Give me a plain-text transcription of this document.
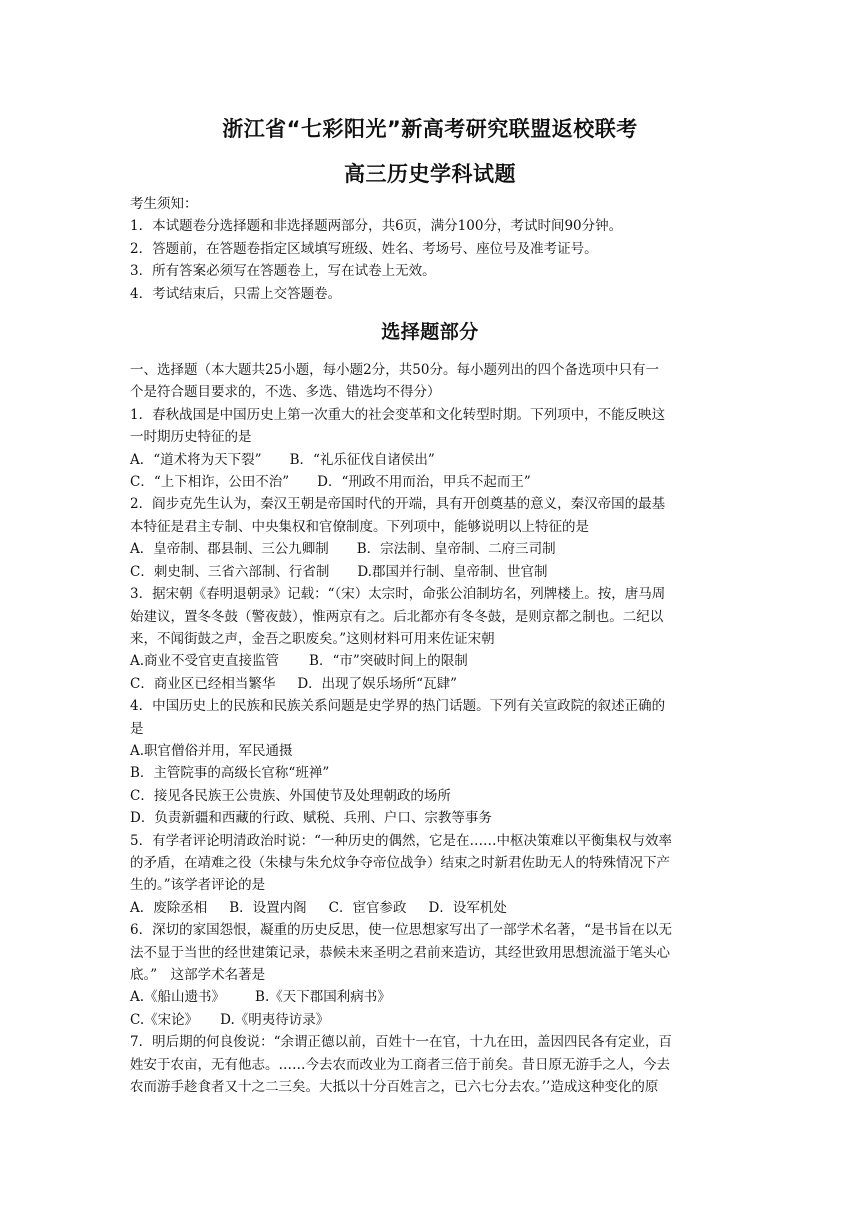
浙江省“七彩阳光”新高考研究联盟返校联考
高三历史学科试题
选择题部分

考生须知：

1．本试题卷分选择题和非选择题两部分，共6页，满分100分，考试时间90分钟。

2．答题前，在答题卷指定区域填写班级、姓名、考场号、座位号及准考证号。

3．所有答案必须写在答题卷上，写在试卷上无效。

4．考试结束后，只需上交答题卷。

一、选择题（本大题共25小题，每小题2分，共50分。每小题列出的四个备选项中只有一

个是符合题目要求的，不选、多选、错选均不得分）

1．春秋战国是中国历史上第一次重大的社会变革和文化转型时期。下列项中，不能反映这

一时期历史特征的是

A．“道术将为天下裂” B．“礼乐征伐自诸侯出”

C．“上下相诈，公田不治” D．“刑政不用而治，甲兵不起而王”

2．阎步克先生认为，秦汉王朝是帝国时代的开端，具有开创奠基的意义，秦汉帝国的最基

本特征是君主专制、中央集权和官僚制度。下列项中，能够说明以上特征的是

A．皇帝制、郡县制、三公九卿制 B．宗法制、皇帝制、二府三司制

C．刺史制、三省六部制、行省制 D.郡国并行制、皇帝制、世官制

3．据宋朝《春明退朝录》记载：“（宋）太宗时，命张公洎制坊名，列牌楼上。按，唐马周

始建议，置冬冬鼓（警夜鼓），惟两京有之。后北都亦有冬冬鼓，是则京都之制也。二纪以

来，不闻街鼓之声，金吾之职废矣。”这则材料可用来佐证宋朝

A.商业不受官吏直接监管 B．“市”突破时间上的限制

C．商业区已经相当繁华 D．出现了娱乐场所“瓦肆”

4．中国历史上的民族和民族关系问题是史学界的热门话题。下列有关宣政院的叙述正确的

是

A.职官僧俗并用，军民通摄

B．主管院事的高级长官称“班禅”

C．接见各民族王公贵族、外国使节及处理朝政的场所

D．负责新疆和西藏的行政、赋税、兵刑、户口、宗教等事务

5．有学者评论明清政治时说：“一种历史的偶然，它是在……中枢决策难以平衡集权与效率

的矛盾，在靖难之役（朱棣与朱允炆争夺帝位战争）结束之时新君佐助无人的特殊情况下产

生的。”该学者评论的是

A．废除丞相 B．设置内阁 C．宦官参政 D．设军机处

6．深切的家国怨恨，凝重的历史反思，使一位思想家写出了一部学术名著，“是书旨在以无

法不显于当世的经世建策记录，恭候未来圣明之君前来造访，其经世致用思想流溢于笔头心

底。”　这部学术名著是

A.《船山遗书》 B.《天下郡国利病书》

C.《宋论》 D.《明夷待访录》

7．明后期的何良俊说：“余谓正德以前，百姓十一在官，十九在田，盖因四民各有定业，百

姓安于农亩，无有他志。……今去农而改业为工商者三倍于前矣。昔日原无游手之人，今去

农而游手趁食者又十之二三矣。大抵以十分百姓言之，已六七分去农。’’造成这种变化的原
